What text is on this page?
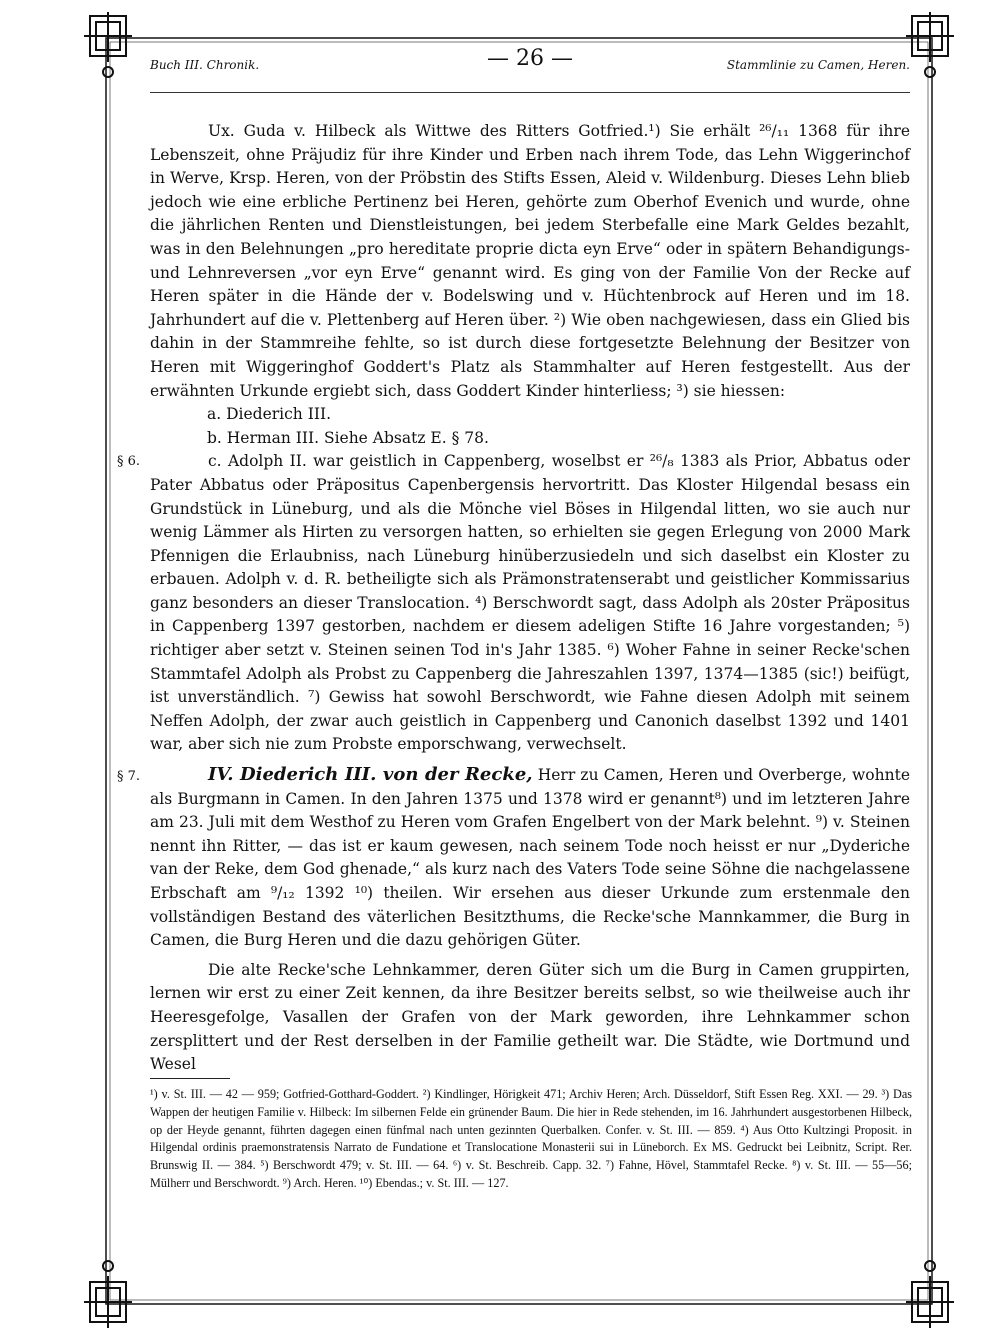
Buch III. Chronik.	— 26 —	Stammlinie zu Camen, Heren.

Ux. Guda v. Hilbeck als Wittwe des Ritters Gotfried.¹) Sie erhält ²⁶/₁₁ 1368 für ihre Lebenszeit, ohne Präjudiz für ihre Kinder und Erben nach ihrem Tode, das Lehn Wiggerinchof in Werve, Krsp. Heren, von der Pröbstin des Stifts Essen, Aleid v. Wildenburg. Dieses Lehn blieb jedoch wie eine erbliche Pertinenz bei Heren, gehörte zum Oberhof Evenich und wurde, ohne die jährlichen Renten und Dienstleistungen, bei jedem Sterbefalle eine Mark Geldes bezahlt, was in den Belehnungen „pro hereditate proprie dicta eyn Erve“ oder in spätern Behandigungs- und Lehnreversen „vor eyn Erve“ genannt wird. Es ging von der Familie Von der Recke auf Heren später in die Hände der v. Bodelswing und v. Hüchtenbrock auf Heren und im 18. Jahrhundert auf die v. Plettenberg auf Heren über. ²) Wie oben nachgewiesen, dass ein Glied bis dahin in der Stammreihe fehlte, so ist durch diese fortgesetzte Belehnung der Besitzer von Heren mit Wiggeringhof Goddert's Platz als Stammhalter auf Heren festgestellt. Aus der erwähnten Urkunde ergiebt sich, dass Goddert Kinder hinterliess; ³) sie hiessen:

a. Diederich III.

b. Herman III. Siehe Absatz E. § 78.

§ 6.	c. Adolph II. war geistlich in Cappenberg, woselbst er ²⁶/₈ 1383 als Prior, Abbatus oder Pater Abbatus oder Präpositus Capenbergensis hervortritt. Das Kloster Hilgendal besass ein Grundstück in Lüneburg, und als die Mönche viel Böses in Hilgendal litten, wo sie auch nur wenig Lämmer als Hirten zu versorgen hatten, so erhielten sie gegen Erlegung von 2000 Mark Pfennigen die Erlaubniss, nach Lüneburg hinüberzusiedeln und sich daselbst ein Kloster zu erbauen. Adolph v. d. R. betheiligte sich als Prämonstratenserabt und geistlicher Kommissarius ganz besonders an dieser Translocation. ⁴) Berschwordt sagt, dass Adolph als 20ster Präpositus in Cappenberg 1397 gestorben, nachdem er diesem adeligen Stifte 16 Jahre vorgestanden; ⁵) richtiger aber setzt v. Steinen seinen Tod in's Jahr 1385. ⁶) Woher Fahne in seiner Recke'schen Stammtafel Adolph als Probst zu Cappenberg die Jahreszahlen 1397, 1374—1385 (sic!) beifügt, ist unverständlich. ⁷) Gewiss hat sowohl Berschwordt, wie Fahne diesen Adolph mit seinem Neffen Adolph, der zwar auch geistlich in Cappenberg und Canonich daselbst 1392 und 1401 war, aber sich nie zum Probste emporschwang, verwechselt.

§ 7.	IV. Diederich III. von der Recke, Herr zu Camen, Heren und Overberge, wohnte als Burgmann in Camen. In den Jahren 1375 und 1378 wird er genannt⁸) und im letzteren Jahre am 23. Juli mit dem Westhof zu Heren vom Grafen Engelbert von der Mark belehnt. ⁹) v. Steinen nennt ihn Ritter, — das ist er kaum gewesen, nach seinem Tode noch heisst er nur „Dyderiche van der Reke, dem God ghenade,“ als kurz nach des Vaters Tode seine Söhne die nachgelassene Erbschaft am ⁹/₁₂ 1392 ¹⁰) theilen. Wir ersehen aus dieser Urkunde zum erstenmale den vollständigen Bestand des väterlichen Besitzthums, die Recke'sche Mannkammer, die Burg in Camen, die Burg Heren und die dazu gehörigen Güter.

Die alte Recke'sche Lehnkammer, deren Güter sich um die Burg in Camen gruppirten, lernen wir erst zu einer Zeit kennen, da ihre Besitzer bereits selbst, so wie theilweise auch ihr Heeresgefolge, Vasallen der Grafen von der Mark geworden, ihre Lehnkammer schon zersplittert und der Rest derselben in der Familie getheilt war. Die Städte, wie Dortmund und Wesel

¹) v. St. III. — 42 — 959; Gotfried-Gotthard-Goddert. ²) Kindlinger, Hörigkeit 471; Archiv Heren; Arch. Düsseldorf, Stift Essen Reg. XXI. — 29. ³) Das Wappen der heutigen Familie v. Hilbeck: Im silbernen Felde ein grünender Baum. Die hier in Rede stehenden, im 16. Jahrhundert ausgestorbenen Hilbeck, op der Heyde genannt, führten dagegen einen fünfmal nach unten gezinnten Querbalken. Confer. v. St. III. — 859. ⁴) Aus Otto Kultzingi Proposit. in Hilgendal ordinis praemonstratensis Narrato de Fundatione et Translocatione Monasterii sui in Lüneborch. Ex MS. Gedruckt bei Leibnitz, Script. Rer. Brunswig II. — 384. ⁵) Berschwordt 479; v. St. III. — 64. ⁶) v. St. Beschreib. Capp. 32. ⁷) Fahne, Hövel, Stammtafel Recke. ⁸) v. St. III. — 55—56; Mülherr und Berschwordt. ⁹) Arch. Heren. ¹⁰) Ebendas.; v. St. III. — 127.
